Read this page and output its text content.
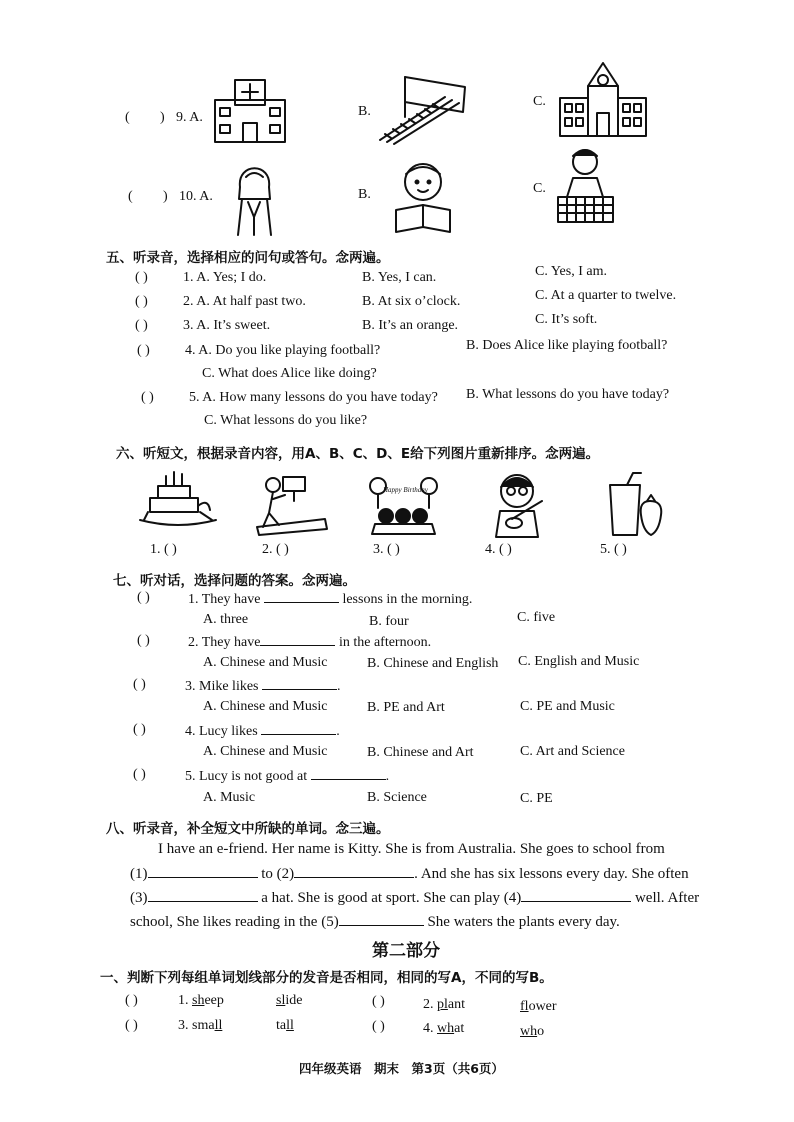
( ) 9. A.	B.
C.
( ) 10. A.	B.	C.
五、听录音，选择相应的问句或答句。念两遍。
( )	1. A. Yes; I do.	B. Yes, I can.	C. Yes, I am.
( )	2. A. At half past two.	B. At six o’clock.	C. At a quarter to twelve.
( )	3. A. It’s sweet.	B. It’s an orange.	C. It’s soft.
( )	4. A. Do you like playing football?	B. Does Alice like playing football?
C. What does Alice like doing?
( )	5. A. How many lessons do you have today? B. What lessons do you have today?
C. What lessons do you like?
六、听短文，根据录音内容，用A、B、C、D、E给下列图片重新排序。念两遍。
1. ( )	2. ( )
Happy Birthday
3. ( )	4. ( )	5. ( )
七、听对话，选择问题的答案。念两遍。
( )	1. They have	lessons in the morning.
A. three	B. four	C. five
( )	2. They have	in the afternoon.
A. Chinese and Music	B. Chinese and English C. English and Music
( )	3. Mike likes	.
A. Chinese and Music	B. PE and Art	C. PE and Music
( )	4. Lucy likes	.
A. Chinese and Music	B. Chinese and Art	C. Art and Science
( )	5. Lucy is not good at	.
A. Music	B. Science	C. PE
八、听录音，补全短文中所缺的单词。念三遍。
I have an e-friend. Her name is Kitty. She is from Australia. She goes to school from
(1)	to (2)	. And she has six lessons every day. She often
(3)	a hat. She is good at sport. She can play (4)	well. After
school, She likes reading in the (5)	She waters the plants every day.
第二部分
一、判断下列每组单词划线部分的发音是否相同，相同的写A，不同的写B。
( )	1. sheep	slide	( )	2. plant	flower
( )	3. small	tall	( )	4. what	who
四年级英语　期末　第3页（共6页）
